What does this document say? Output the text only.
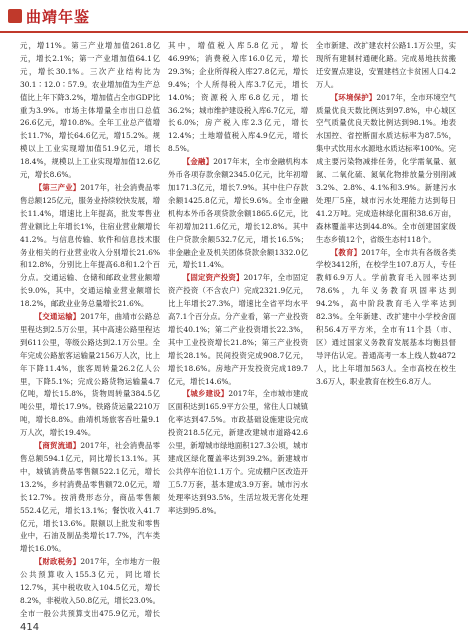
曲靖年鉴

元，增11%。第三产业增加值261.8亿元，增长2.1%；第一产业增加值64.1亿元，增长30.1%。三次产业结构比为30.1∶12.0∶57.9。农业增加值为生产总值比上年下降3.2%，增加值占全市GDP比重为3.9%。市场主体增量全市出口总值26.6亿元，增10.8%。全年工业总产值增长11.7%，增长64.6亿元，增15.2%。规模以上工业实现增加值51.9亿元，增长18.4%，规模以上工业实现增加值12.6亿元，增长8.6%。

【第三产业】2017年，社会消费品零售总额125亿元，服务业持续较快发展，增长11.4%，增速比上年提高，批发零售业营业额比上年增长1%，住宿业营业额增长41.2%。与信息传输、软件和信息技术服务业相关的行业营业收入分别增长21.6%和12.8%，分别比上年提高6.8和1.2个百分点。交通运输、仓储和邮政业营业额增长9.0%，其中，交通运输业营业额增长18.2%，邮政业业务总量增长21.6%。

【交通运输】2017年，曲靖市公路总里程达到2.5万公里，其中高速公路里程达到611公里，等级公路达到2.1万公里。全年完成公路旅客运输量2156万人次，比上年下降11.4%，旅客周转量26.2亿人公里，下降5.1%；完成公路货物运输量4.7亿吨，增长15.8%，货物周转量384.5亿吨公里，增长17.9%。铁路货运量2210万吨，增长8.8%。曲靖机场旅客吞吐量9.1万人次，增长19.4%。

【商贸流通】2017年，社会消费品零售总额594.1亿元，同比增长13.1%。其中，城镇消费品零售额522.1亿元，增长13.2%，乡村消费品零售额72.0亿元，增长12.7%。按消费形态分，商品零售额552.4亿元，增长13.1%；餐饮收入41.7亿元，增长13.6%。限额以上批发和零售业中，石油及制品类增长17.7%，汽车类增长16.0%。

【财政税务】2017年，全市地方一般公共预算收入155.3亿元，同比增长12.7%，其中税收收入104.5亿元，增长8.2%，非税收入50.8亿元，增长23.0%。全市一般公共预算支出475.9亿元，增长

其中，增值税入库5.8亿元，增长46.99%；消费税入库16.0亿元，增长29.3%；企业所得税入库27.8亿元，增长9.4%；个人所得税入库3.7亿元，增长14.0%；资源税入库6.8亿元，增长36.2%；城市维护建设税入库6.7亿元，增长6.0%；房产税入库2.3亿元，增长12.4%；土地增值税入库4.9亿元，增长8.5%。

【金融】2017年末，全市金融机构本外币各项存款余额2345.0亿元，比年初增加171.3亿元，增长7.9%。其中住户存款余额1425.8亿元，增长9.6%。全市金融机构本外币各项贷款余额1865.6亿元，比年初增加211.6亿元，增长12.8%。其中住户贷款余额532.7亿元，增长16.5%；非金融企业及机关团体贷款余额1332.0亿元，增长11.4%。

【固定资产投资】2017年，全市固定资产投资（不含农户）完成2321.9亿元，比上年增长27.3%，增速比全省平均水平高7.1个百分点。分产业看，第一产业投资增长40.1%；第二产业投资增长22.3%，其中工业投资增长21.8%；第三产业投资增长28.1%。民间投资完成908.7亿元，增长18.6%。房地产开发投资完成189.7亿元，增长14.6%。

【城乡建设】2017年，全市城市建成区面积达到165.9平方公里，常住人口城镇化率达到47.5%。市政基础设施建设完成投资218.5亿元，新建改建城市道路42.6公里，新增城市绿地面积127.3公顷，城市建成区绿化覆盖率达到39.2%。新建城市公共停车泊位1.1万个。完成棚户区改造开工5.7万套，基本建成3.9万套。城市污水处理率达到93.5%，生活垃圾无害化处理率达到95.8%。

全市新建、改扩建农村公路1.1万公里，实现所有建制村通硬化路。完成易地扶贫搬迁安置点建设，安置建档立卡贫困人口4.2万人。

【环境保护】2017年，全市环境空气质量优良天数比例达到97.8%，中心城区空气质量优良天数比例达到98.1%。地表水国控、省控断面水质达标率为87.5%，集中式饮用水水源地水质达标率100%。完成主要污染物减排任务，化学需氧量、氨氮、二氧化硫、氮氧化物排放量分别削减3.2%、2.8%、4.1%和3.9%。新建污水处理厂5座，城市污水处理能力达到每日41.2万吨。完成造林绿化面积38.6万亩，森林覆盖率达到44.8%。全市创建国家级生态乡镇12个，省级生态村118个。

【教育】2017年，全市共有各级各类学校3412所，在校学生107.8万人，专任教师6.9万人。学前教育毛入园率达到78.6%，九年义务教育巩固率达到94.2%，高中阶段教育毛入学率达到82.3%。全年新建、改扩建中小学校舍面积56.4万平方米，全市有11个县（市、区）通过国家义务教育发展基本均衡县督导评估认定。普通高考一本上线人数4872人，比上年增加563人。全市高校在校生3.6万人，职业教育在校生6.8万人。

414
